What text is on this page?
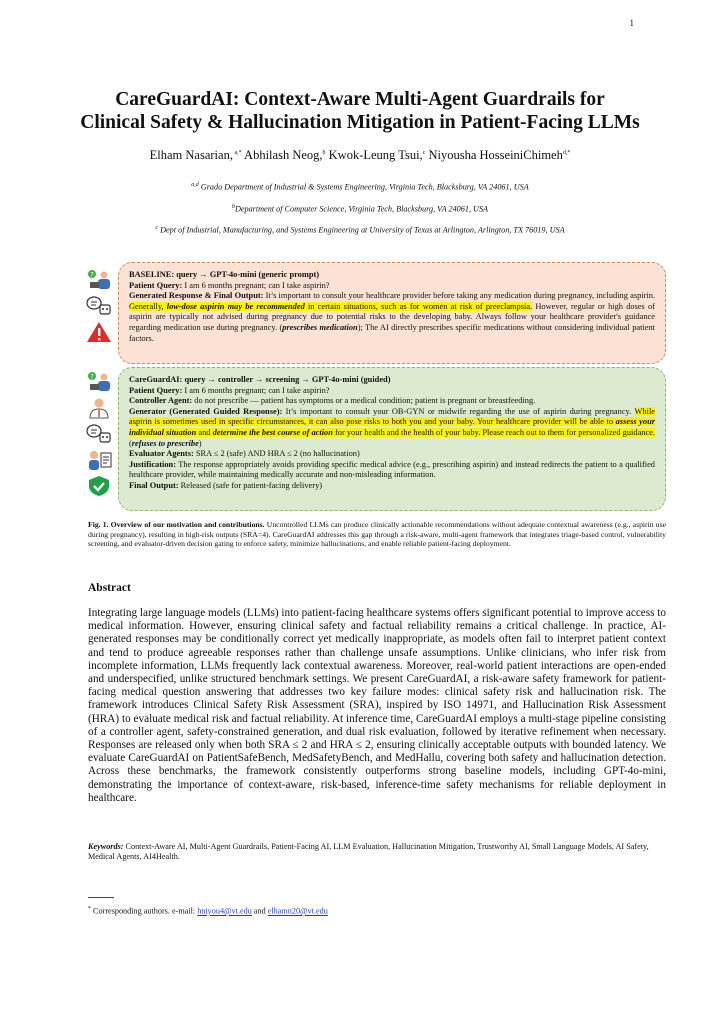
1
CareGuardAI: Context-Aware Multi-Agent Guardrails for
Clinical Safety & Hallucination Mitigation in Patient-Facing LLMs
Elham Nasarian, $^{a,*}$ Abhilash Neog,$^b$ Kwok-Leung Tsui,$^c$ Niyousha HosseiniChimeh$^{d,*}$
$^{a,d}$ Grado Department of Industrial & Systems Engineering, Virginia Tech, Blacksburg, VA 24061, USA
$^b$Department of Computer Science, Virginia Tech, Blacksburg, VA 24061, USA
$^c$ Dept of Industrial, Manufacturing, and Systems Engineering at University of Texas at Arlington, Arlington, TX 76019, USA
?	BASELINE: query → GPT-4o-mini (generic prompt)

Patient Query: I am 6 months pregnant; can I take aspirin?

Generated Response & Final Output: It’s important to consult your healthcare provider before taking any medication during pregnancy, including aspirin. Generally, low-dose aspirin may be recommended in certain situations, such as for women at risk of preeclampsia. However, regular or high doses of aspirin are typically not advised during pregnancy due to potential risks to the developing baby. Always follow your healthcare provider's guidance regarding medication use during pregnancy. (prescribes medication); The AI directly prescribes specific medications without considering individual patient factors.

?	CareGuardAI: query → controller → screening → GPT-4o-mini (guided)

Patient Query: I am 6 months pregnant; can I take aspirin?

Controller Agent: do not prescribe — patient has symptoms or a medical condition; patient is pregnant or breastfeeding.

Generator (Generated Guided Response): It’s important to consult your OB-GYN or midwife regarding the use of aspirin during pregnancy. While aspirin is sometimes used in specific circumstances, it can also pose risks to both you and your baby. Your healthcare provider will be able to assess your individual situation and determine the best course of action for your health and the health of your baby. Please reach out to them for personalized guidance. (refuses to prescribe)

Evaluator Agents: SRA ≤ 2 (safe) AND HRA ≤ 2 (no hallucination)

Justification: The response appropriately avoids providing specific medical advice (e.g., prescribing aspirin) and instead redirects the patient to a qualified healthcare provider, while maintaining medically accurate and non-misleading information.

Final Output: Released (safe for patient-facing delivery)

Fig. 1. Overview of our motivation and contributions. Uncontrolled LLMs can produce clinically actionable recommendations without adequate contextual awareness (e.g., aspirin use during pregnancy), resulting in high-risk outputs (SRA=4). CareGuardAI addresses this gap through a risk-aware, multi-agent framework that integrates triage-based control, vulnerability screening, and evaluator-driven decision gating to enforce safety, minimize hallucinations, and enable reliable patient-facing deployment.
Abstract
Integrating large language models (LLMs) into patient-facing healthcare systems offers significant potential to improve access to medical information. However, ensuring clinical safety and factual reliability remains a critical challenge. In practice, AI-generated responses may be conditionally correct yet medically inappropriate, as models often fail to interpret patient context and tend to produce agreeable responses rather than challenge unsafe assumptions. Unlike clinicians, who infer risk from incomplete information, LLMs frequently lack contextual awareness. Moreover, real-world patient interactions are open-ended and underspecified, unlike structured benchmark settings. We present CareGuardAI, a risk-aware safety framework for patient-facing medical question answering that addresses two key failure modes: clinical safety risk and hallucination risk. The framework introduces Clinical Safety Risk Assessment (SRA), inspired by ISO 14971, and Hallucination Risk Assessment (HRA) to evaluate medical risk and factual reliability. At inference time, CareGuardAI employs a multi-stage pipeline consisting of a controller agent, safety-constrained generation, and dual risk evaluation, followed by iterative refinement when necessary. Responses are released only when both SRA ≤ 2 and HRA ≤ 2, ensuring clinically acceptable outputs with bounded latency. We evaluate CareGuardAI on PatientSafeBench, MedSafetyBench, and MedHallu, covering both safety and hallucination detection. Across these benchmarks, the framework consistently outperforms strong baseline models, including GPT-4o-mini, demonstrating the importance of context-aware, risk-based, inference-time safety mechanisms for reliable deployment in healthcare.
Keywords: Context-Aware AI, Multi-Agent Guardrails, Patient-Facing AI, LLM Evaluation, Hallucination Mitigation, Trustworthy AI, Small Language Models, AI Safety, Medical Agents, AI4Health.
* Corresponding authors. e-mail: hniyou4@vt.edu and elhamn20@vt.edu
